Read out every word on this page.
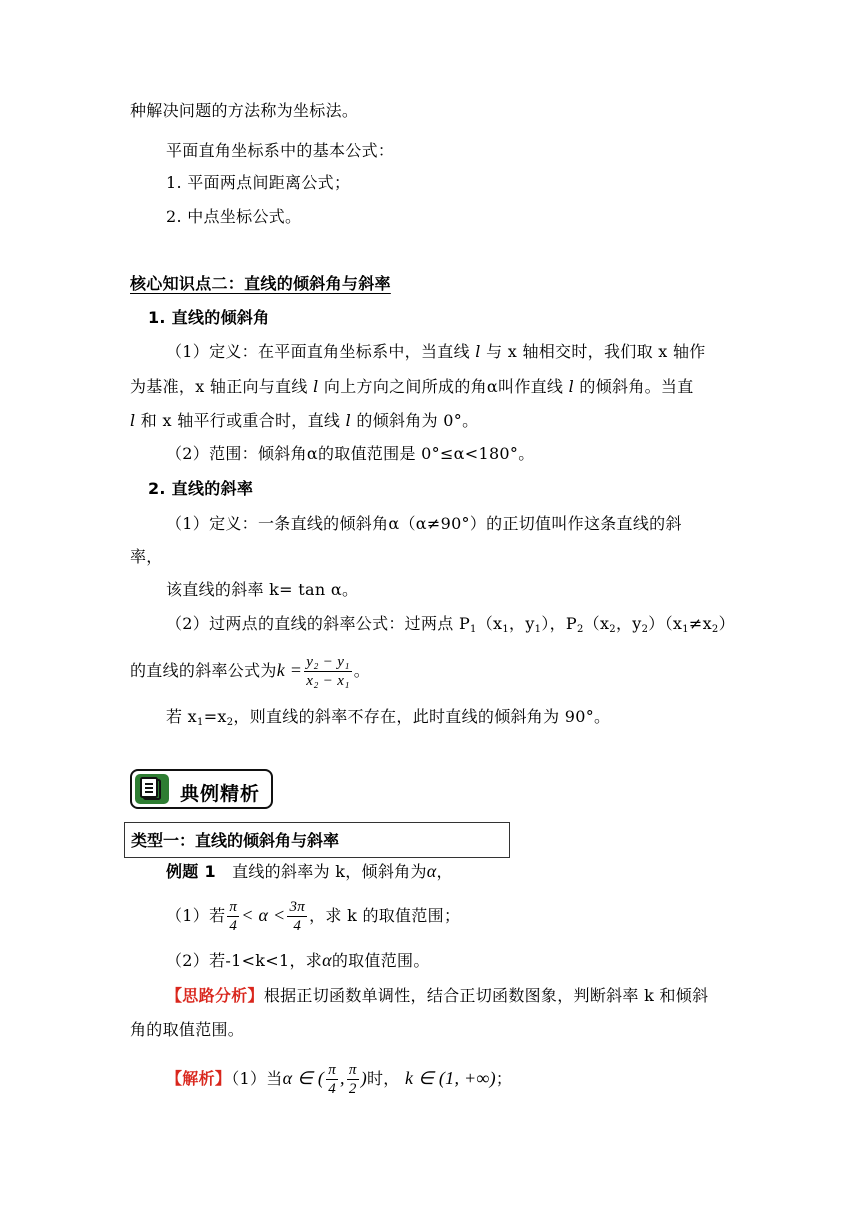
种解决问题的方法称为坐标法。
平面直角坐标系中的基本公式：
1. 平面两点间距离公式；
2. 中点坐标公式。
核心知识点二：直线的倾斜角与斜率
1. 直线的倾斜角
（1）定义：在平面直角坐标系中，当直线 l 与 x 轴相交时，我们取 x 轴作
为基准，x 轴正向与直线 l 向上方向之间所成的角α叫作直线 l 的倾斜角。当直
l 和 x 轴平行或重合时，直线 l 的倾斜角为 0°。
（2）范围：倾斜角α的取值范围是 0°≤α<180°。
2. 直线的斜率
（1）定义：一条直线的倾斜角α（α≠90°）的正切值叫作这条直线的斜
率，
该直线的斜率 k= tan α。
（2）过两点的直线的斜率公式：过两点 $P_1(x_1$，$y_1$），$P_2(x_2$，$y_2)(x_1\ne x_2)$
的直线的斜率公式为$k = \frac{\text{y₂ − y₁}}{\text{x₂ − x₁}}$ 。
若 $x_1=x_2$，则直线的斜率不存在，此时直线的倾斜角为 90°。
典例精析
类型一：直线的倾斜角与斜率
例题 1 直线的斜率为 k，倾斜角为α，
（1）若 $\frac{\pi}{4} < \alpha < \frac{3\pi}{4}$ ，求 k 的取值范围；
（2）若-1<k<1，求α的取值范围。
【思路分析】根据正切函数单调性，结合正切函数图象，判断斜率 k 和倾斜
角的取值范围。
【解析】（1）当α ∈ ( $\frac{\pi}{4}$ , $\frac{\pi}{2}$ )时， k ∈ (1, +∞)；
